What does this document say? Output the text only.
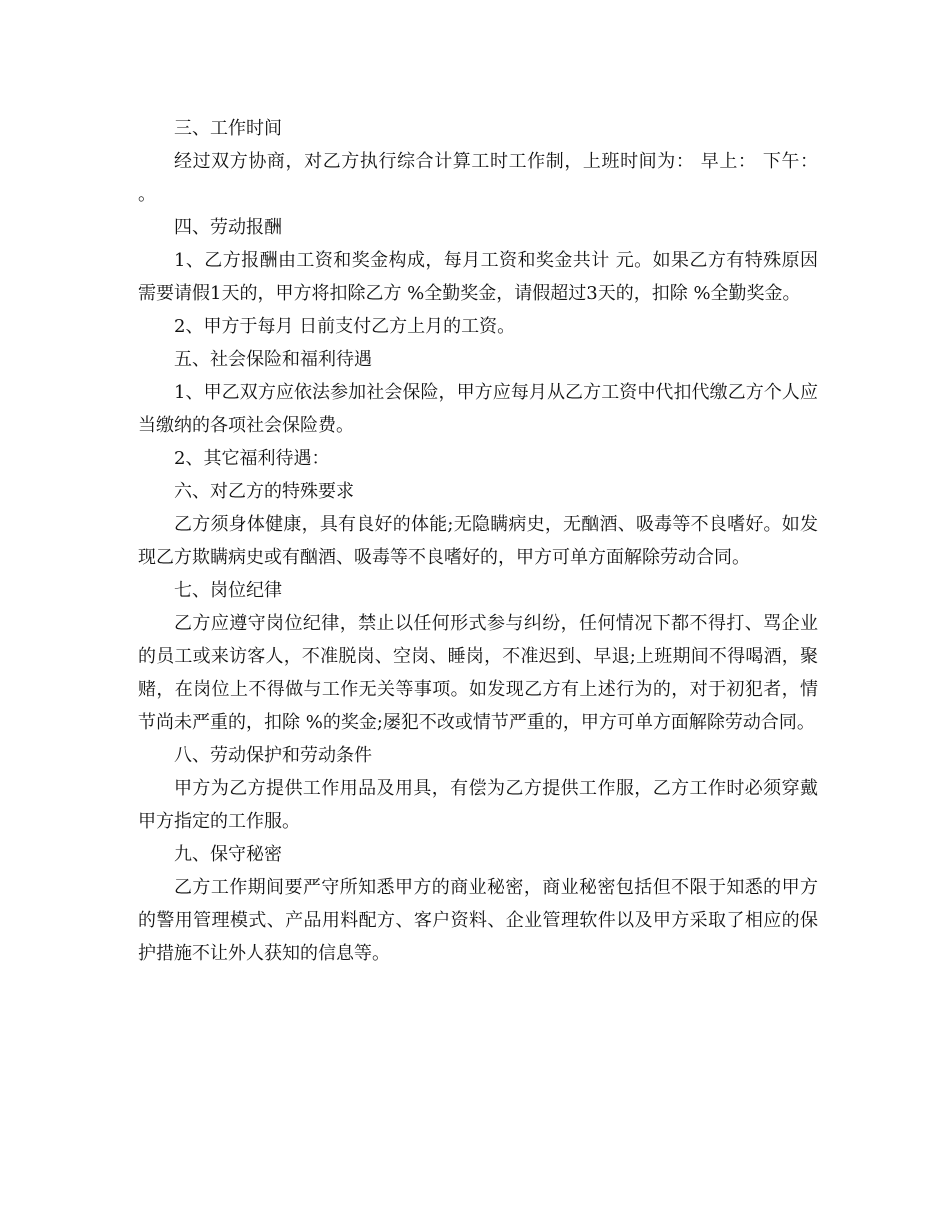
三、工作时间

经过双方协商，对乙方执行综合计算工时工作制，上班时间为： 早上： 下午： 。

四、劳动报酬

1、乙方报酬由工资和奖金构成，每月工资和奖金共计 元。如果乙方有特殊原因需要请假1天的，甲方将扣除乙方 %全勤奖金，请假超过3天的，扣除 %全勤奖金。

2、甲方于每月 日前支付乙方上月的工资。

五、社会保险和福利待遇

1、甲乙双方应依法参加社会保险，甲方应每月从乙方工资中代扣代缴乙方个人应当缴纳的各项社会保险费。

2、其它福利待遇：

六、对乙方的特殊要求

乙方须身体健康，具有良好的体能;无隐瞒病史，无酗酒、吸毒等不良嗜好。如发现乙方欺瞒病史或有酗酒、吸毒等不良嗜好的，甲方可单方面解除劳动合同。

七、岗位纪律

乙方应遵守岗位纪律，禁止以任何形式参与纠纷，任何情况下都不得打、骂企业的员工或来访客人，不准脱岗、空岗、睡岗，不准迟到、早退;上班期间不得喝酒，聚赌，在岗位上不得做与工作无关等事项。如发现乙方有上述行为的，对于初犯者，情节尚未严重的，扣除 %的奖金;屡犯不改或情节严重的，甲方可单方面解除劳动合同。

八、劳动保护和劳动条件

甲方为乙方提供工作用品及用具，有偿为乙方提供工作服，乙方工作时必须穿戴甲方指定的工作服。

九、保守秘密

乙方工作期间要严守所知悉甲方的商业秘密，商业秘密包括但不限于知悉的甲方的警用管理模式、产品用料配方、客户资料、企业管理软件以及甲方采取了相应的保护措施不让外人获知的信息等。
